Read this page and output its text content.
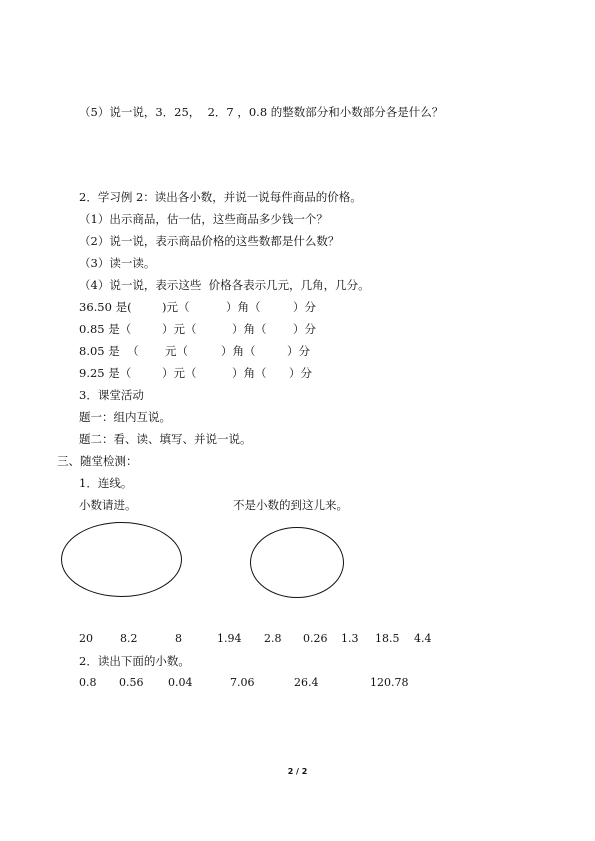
（5）说一说，3．25，  2．7 ，0.8 的整数部分和小数部分各是什么？
2．学习例 2：读出各小数，并说一说每件商品的价格。
（1）出示商品，估一估，这些商品多少钱一个？
（2）说一说，表示商品价格的这些数都是什么数？
（3）读一读。
（4）说一说，表示这些  价格各表示几元，几角，几分。
36.50 是(	)元（	）角（	）分
0.85 是（	）元（	）角（ ）分
8.05 是  （ 元（	）角（	）分
9.25 是（	）元（	）角（ ）分
3．课堂活动
题一：组内互说。
题二：看、读、填写、并说一说。
三、随堂检测：
1．连线。
小数请进。	不是小数的到这儿来。
20 8.2	8	1.94 2.8 0.26 1.3 18.5 4.4
2．读出下面的小数。
0.8 0.56 0.04	7.06	26.4	120.78
2 / 2
